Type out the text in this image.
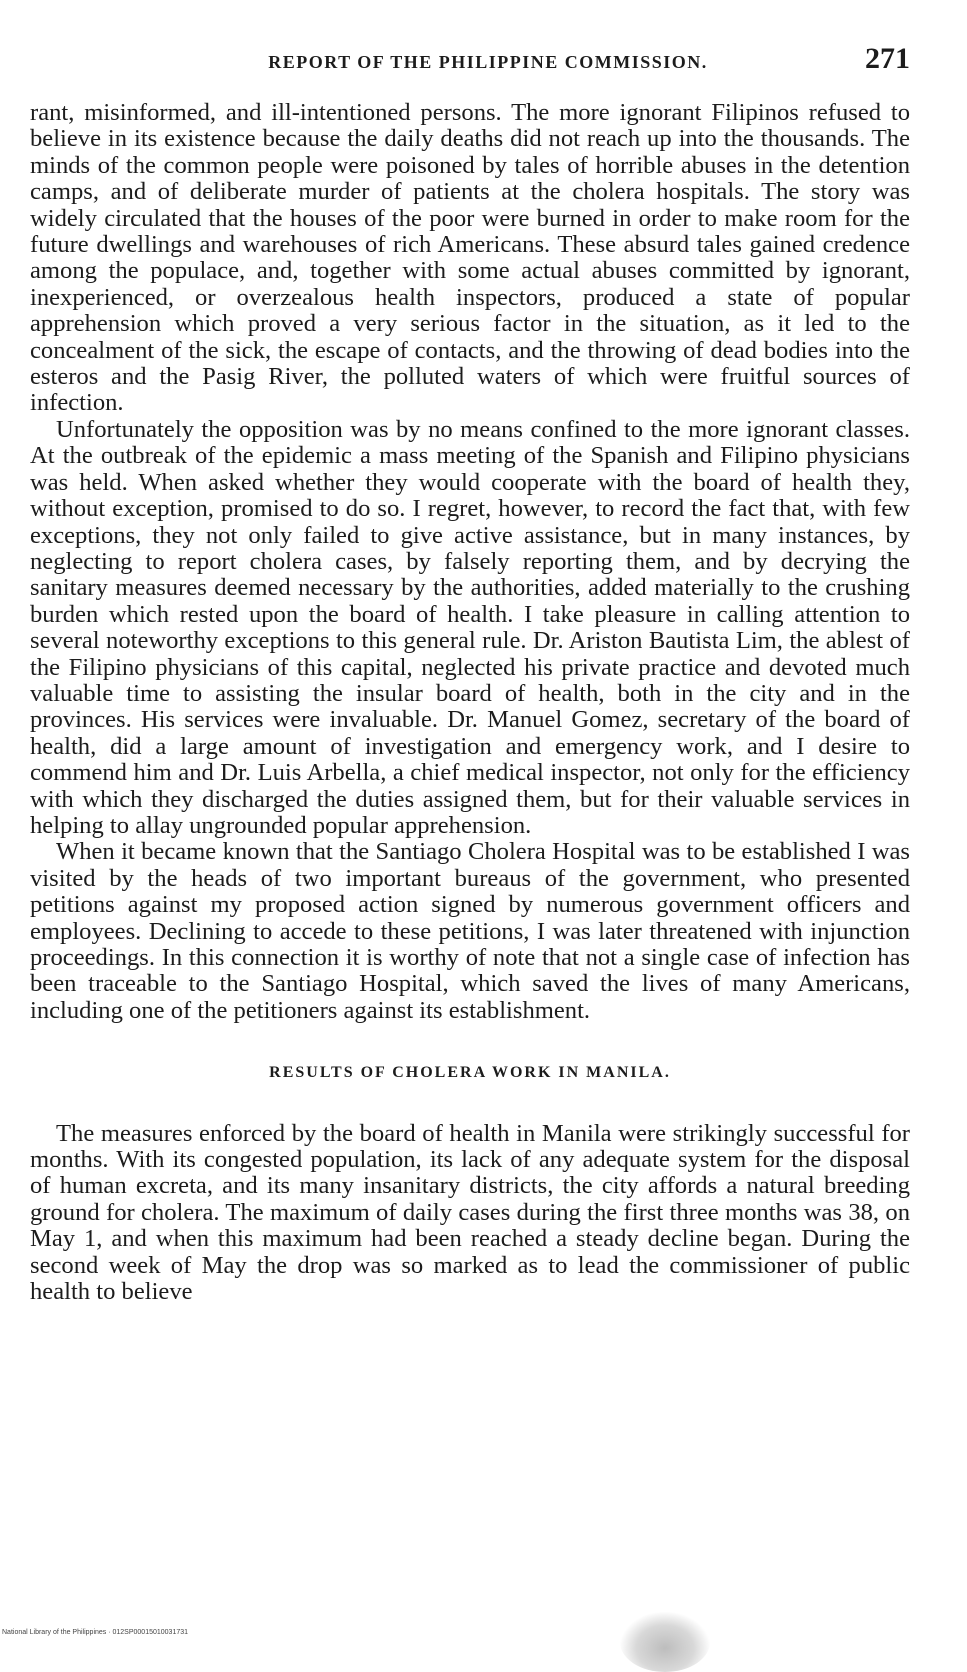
REPORT OF THE PHILIPPINE COMMISSION.	271

rant, misinformed, and ill-intentioned persons. The more ignorant Filipinos refused to believe in its existence because the daily deaths did not reach up into the thousands. The minds of the common people were poisoned by tales of horrible abuses in the detention camps, and of deliberate murder of patients at the cholera hospitals. The story was widely circulated that the houses of the poor were burned in order to make room for the future dwellings and warehouses of rich Americans. These absurd tales gained credence among the populace, and, together with some actual abuses committed by ignorant, inexperienced, or overzealous health inspectors, produced a state of popular apprehension which proved a very serious factor in the situation, as it led to the concealment of the sick, the escape of contacts, and the throwing of dead bodies into the esteros and the Pasig River, the polluted waters of which were fruitful sources of infection.

Unfortunately the opposition was by no means confined to the more ignorant classes. At the outbreak of the epidemic a mass meeting of the Spanish and Filipino physicians was held. When asked whether they would cooperate with the board of health they, without exception, promised to do so. I regret, however, to record the fact that, with few exceptions, they not only failed to give active assistance, but in many instances, by neglecting to report cholera cases, by falsely reporting them, and by decrying the sanitary measures deemed necessary by the authorities, added materially to the crushing burden which rested upon the board of health. I take pleasure in calling attention to several noteworthy exceptions to this general rule. Dr. Ariston Bautista Lim, the ablest of the Filipino physicians of this capital, neglected his private practice and devoted much valuable time to assisting the insular board of health, both in the city and in the provinces. His services were invaluable. Dr. Manuel Gomez, secretary of the board of health, did a large amount of investigation and emergency work, and I desire to commend him and Dr. Luis Arbella, a chief medical inspector, not only for the efficiency with which they discharged the duties assigned them, but for their valuable services in helping to allay ungrounded popular apprehension.

When it became known that the Santiago Cholera Hospital was to be established I was visited by the heads of two important bureaus of the government, who presented petitions against my proposed action signed by numerous government officers and employees. Declining to accede to these petitions, I was later threatened with injunction proceedings. In this connection it is worthy of note that not a single case of infection has been traceable to the Santiago Hospital, which saved the lives of many Americans, including one of the petitioners against its establishment.

RESULTS OF CHOLERA WORK IN MANILA.

The measures enforced by the board of health in Manila were strikingly successful for months. With its congested population, its lack of any adequate system for the disposal of human excreta, and its many insanitary districts, the city affords a natural breeding ground for cholera. The maximum of daily cases during the first three months was 38, on May 1, and when this maximum had been reached a steady decline began. During the second week of May the drop was so marked as to lead the commissioner of public health to believe

National Library of the Philippines · 012SP00015010031731
